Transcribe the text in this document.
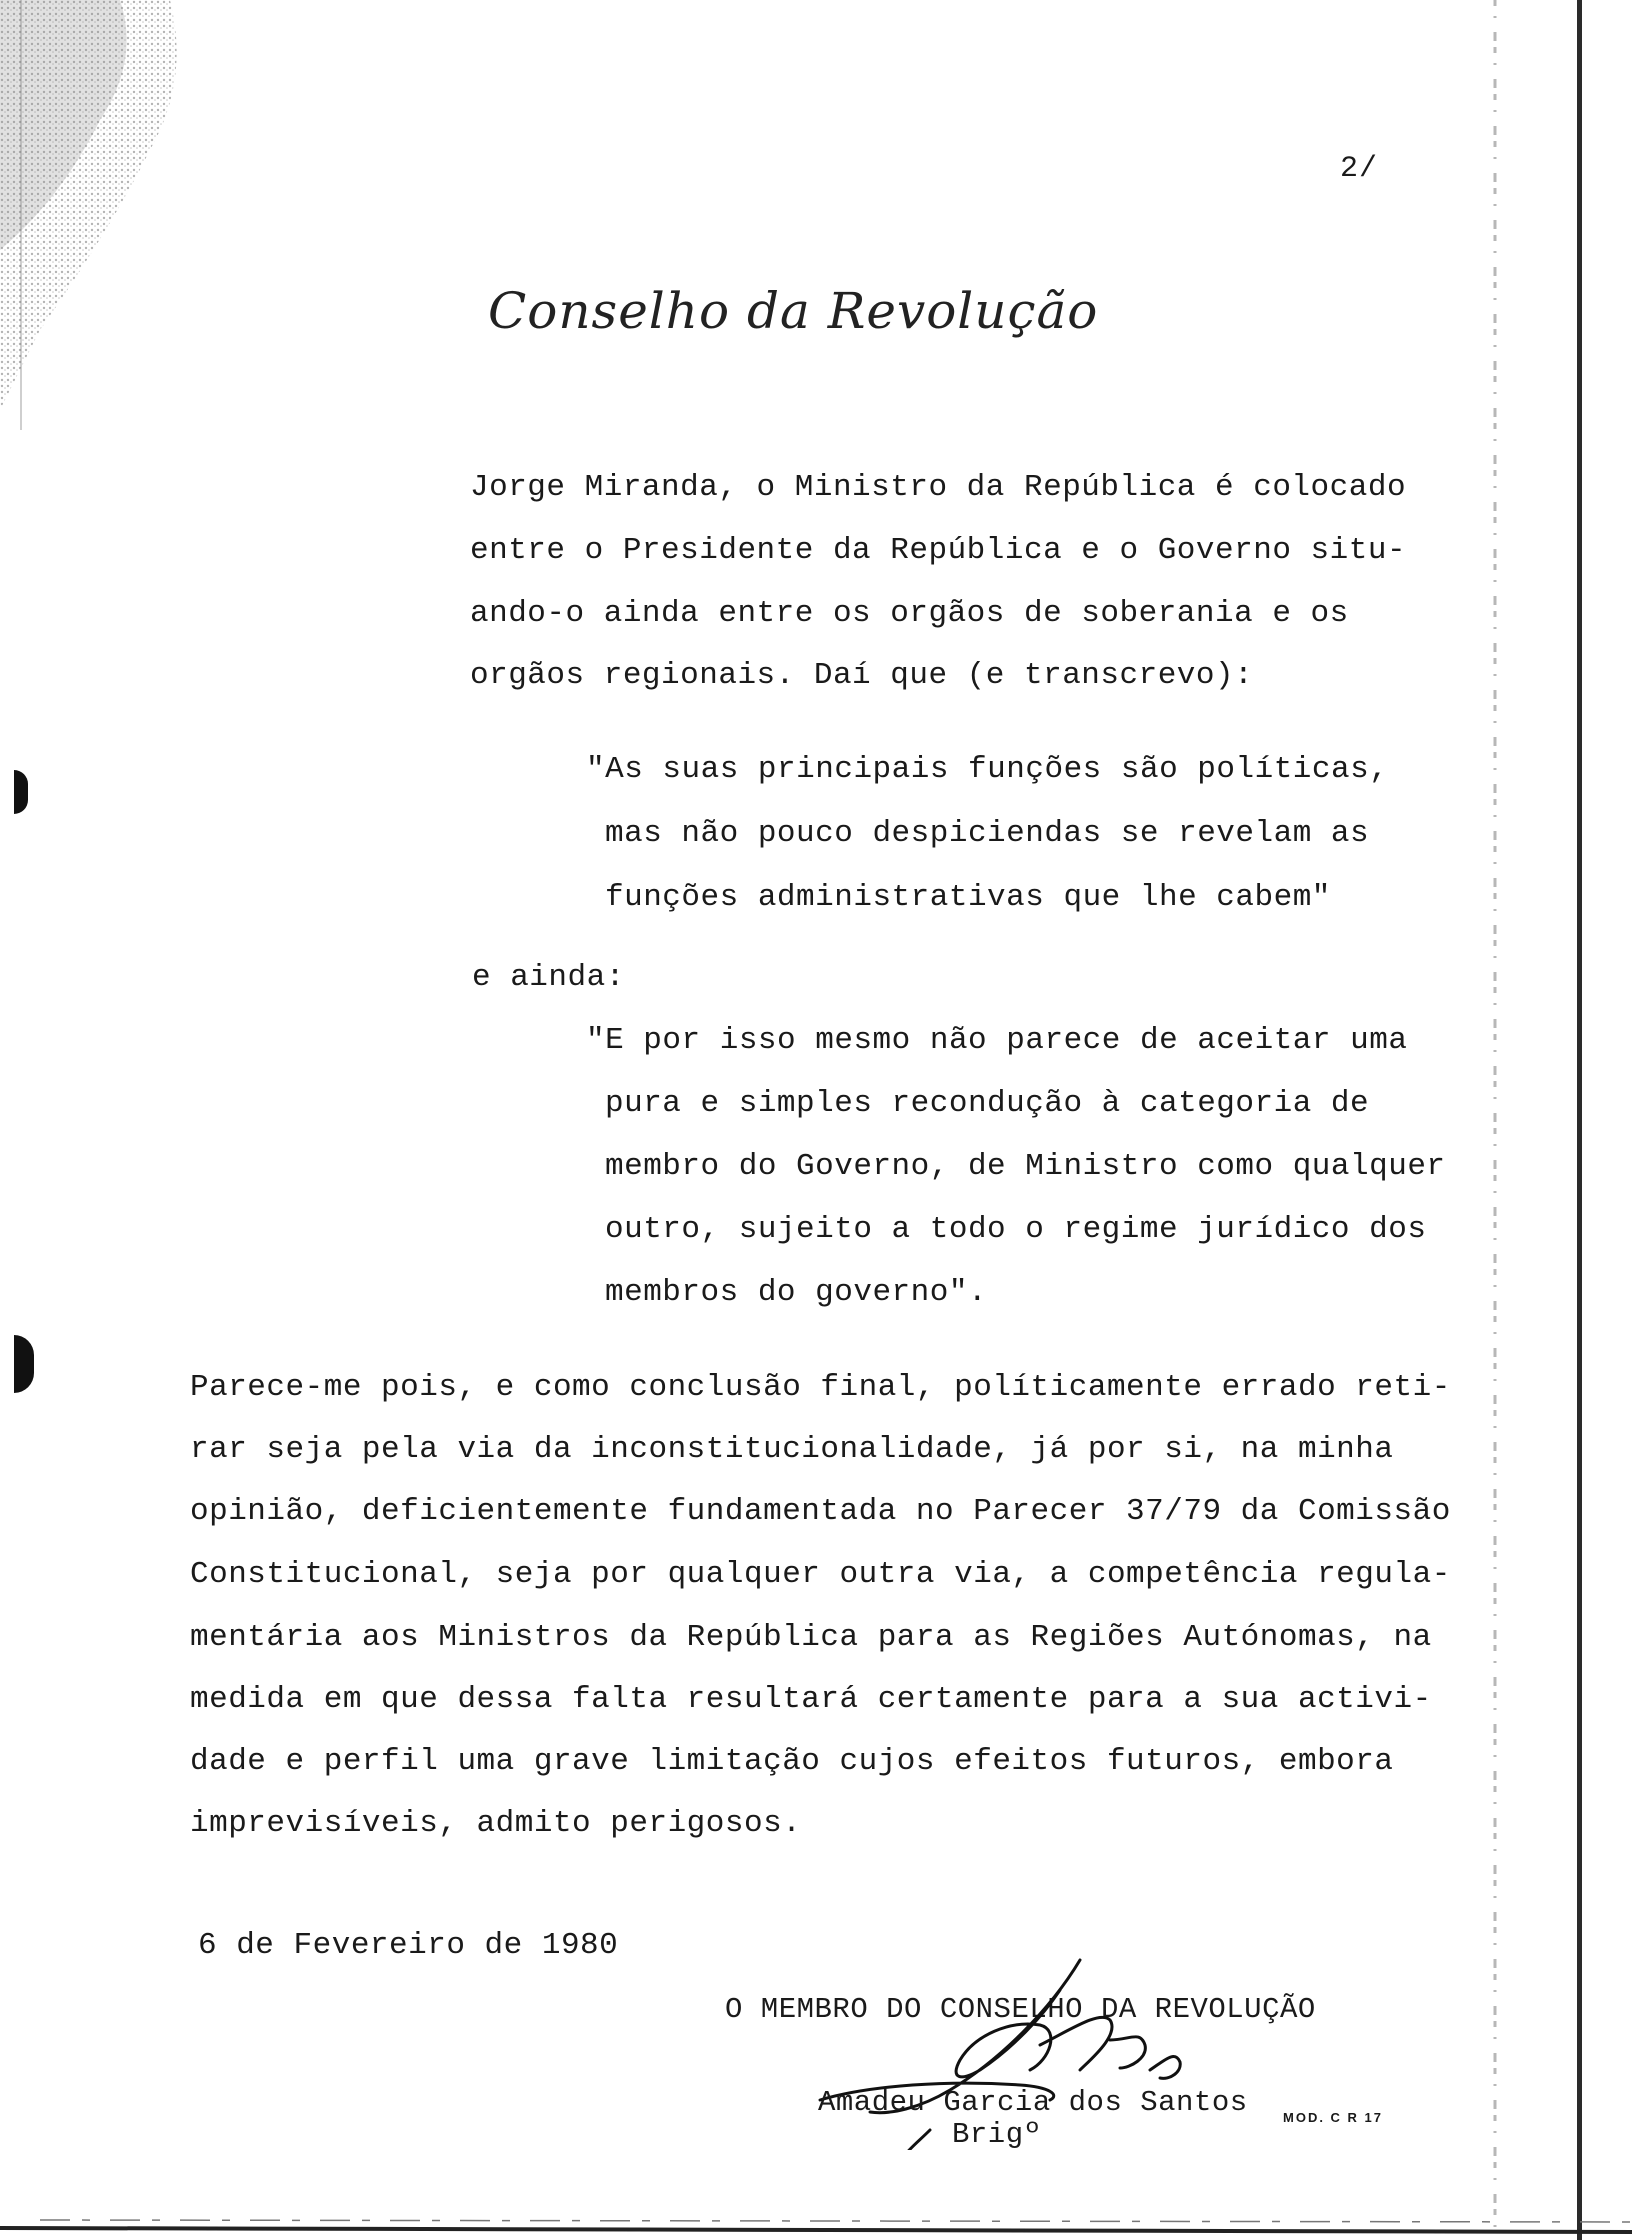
2/
Conselho da Revolução
Jorge Miranda, o Ministro da República é colocado
entre o Presidente da República e o Governo situ-
ando-o ainda entre os orgãos de soberania e os
orgãos regionais. Daí que (e transcrevo):
"As suas principais funções são políticas,
mas não pouco despiciendas se revelam as
funções administrativas que lhe cabem"
e ainda:
"E por isso mesmo não parece de aceitar uma
pura e simples recondução à categoria de
membro do Governo, de Ministro como qualquer
outro, sujeito a todo o regime jurídico dos
membros do governo".
Parece-me pois, e como conclusão final, políticamente errado reti-
rar seja pela via da inconstitucionalidade, já por si, na minha
opinião, deficientemente fundamentada no Parecer 37/79 da Comissão
Constitucional, seja por qualquer outra via, a competência regula-
mentária aos Ministros da República para as Regiões Autónomas, na
medida em que dessa falta resultará certamente para a sua activi-
dade e perfil uma grave limitação cujos efeitos futuros, embora
imprevisíveis, admito perigosos.
6 de Fevereiro de 1980
O MEMBRO DO CONSELHO DA REVOLUÇÃO
Amadeu Garcia dos Santos
Brigº
MOD. C R 17
